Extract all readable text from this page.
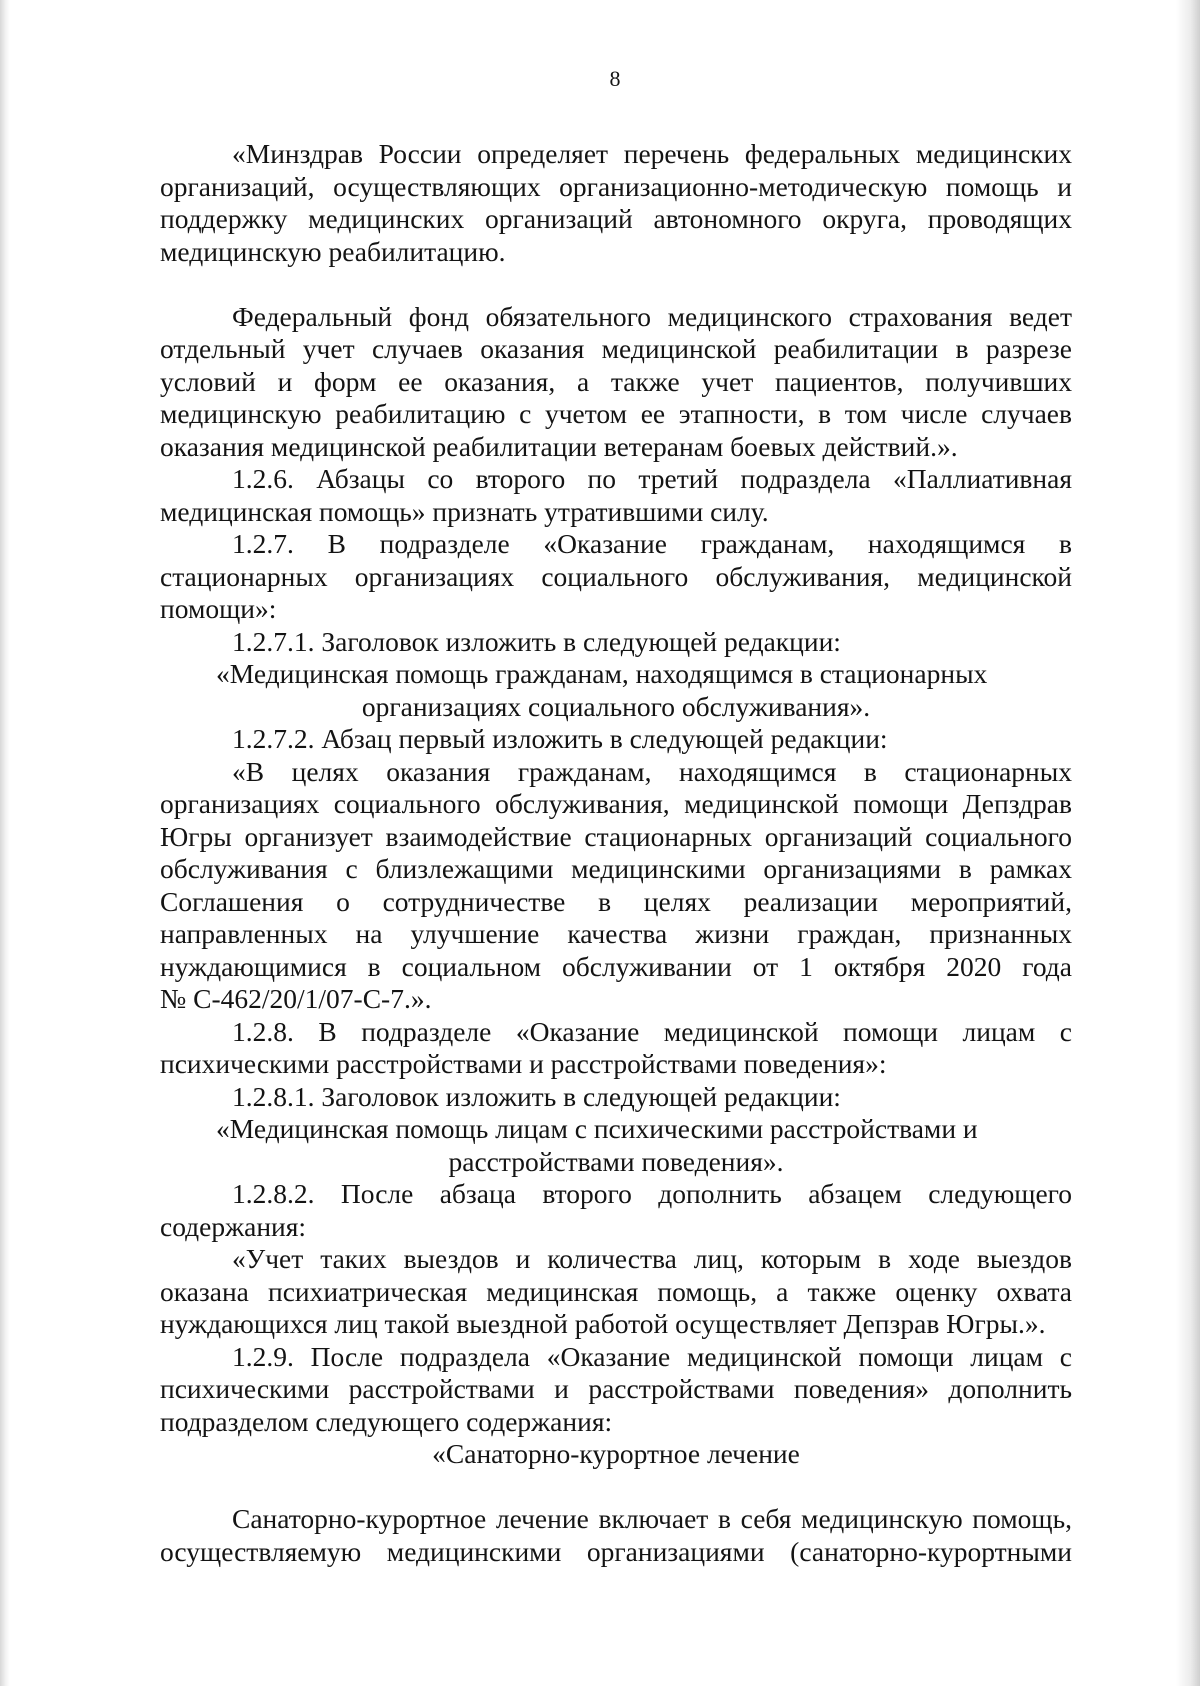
8
«Минздрав России определяет перечень федеральных медицинских
организаций, осуществляющих организационно-методическую помощь и
поддержку медицинских организаций автономного округа, проводящих
медицинскую реабилитацию.
Федеральный фонд обязательного медицинского страхования ведет
отдельный учет случаев оказания медицинской реабилитации в разрезе
условий и форм ее оказания, а также учет пациентов, получивших
медицинскую реабилитацию с учетом ее этапности, в том числе случаев
оказания медицинской реабилитации ветеранам боевых действий.».
1.2.6. Абзацы со второго по третий подраздела «Паллиативная
медицинская помощь» признать утратившими силу.
1.2.7. В подразделе «Оказание гражданам, находящимся в
стационарных организациях социального обслуживания, медицинской
помощи»:
1.2.7.1. Заголовок изложить в следующей редакции:
«Медицинская помощь гражданам, находящимся в стационарных
организациях социального обслуживания».
1.2.7.2. Абзац первый изложить в следующей редакции:
«В целях оказания гражданам, находящимся в стационарных
организациях социального обслуживания, медицинской помощи Депздрав
Югры организует взаимодействие стационарных организаций социального
обслуживания с близлежащими медицинскими организациями в рамках
Соглашения о сотрудничестве в целях реализации мероприятий,
направленных на улучшение качества жизни граждан, признанных
нуждающимися в социальном обслуживании от 1 октября 2020 года
№ С-462/20/1/07-С-7.».
1.2.8. В подразделе «Оказание медицинской помощи лицам с
психическими расстройствами и расстройствами поведения»:
1.2.8.1. Заголовок изложить в следующей редакции:
«Медицинская помощь лицам с психическими расстройствами и
расстройствами поведения».
1.2.8.2. После абзаца второго дополнить абзацем следующего
содержания:
«Учет таких выездов и количества лиц, которым в ходе выездов
оказана психиатрическая медицинская помощь, а также оценку охвата
нуждающихся лиц такой выездной работой осуществляет Депзрав Югры.».
1.2.9. После подраздела «Оказание медицинской помощи лицам с
психическими расстройствами и расстройствами поведения» дополнить
подразделом следующего содержания:
«Санаторно-курортное лечение
Санаторно-курортное лечение включает в себя медицинскую помощь,
осуществляемую медицинскими организациями (санаторно-курортными
